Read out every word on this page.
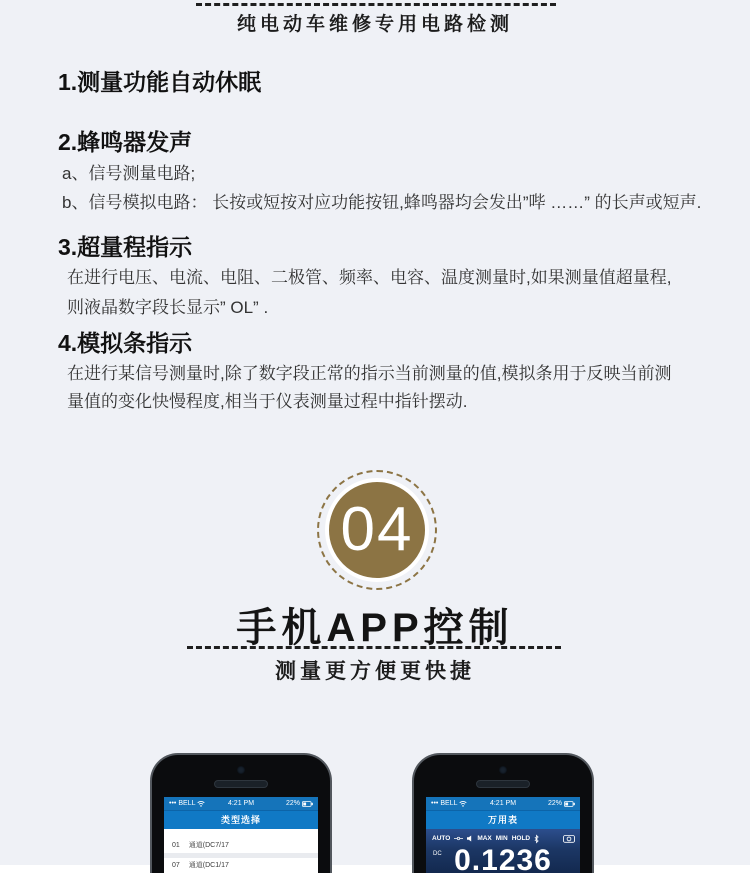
纯电动车维修专用电路检测
1.测量功能自动休眠
2.蜂鸣器发声
a、信号测量电路;
b、信号模拟电路： 长按或短按对应功能按钮,蜂鸣器均会发出”哔 ……” 的长声或短声.
3.超量程指示
在进行电压、电流、电阻、二极管、频率、电容、温度测量时,如果测量值超量程,
则液晶数字段长显示” OL” .
4.模拟条指示
在进行某信号测量时,除了数字段正常的指示当前测量的值,模拟条用于反映当前测
量值的变化快慢程度,相当于仪表测量过程中指针摆动.
04
手机APP控制
测量更方便更快捷
••• BELL	4:21 PM	22%
类型选择
01 通道(DC7/17
07 通道(DC1/17
••• BELL	4:21 PM	22%
万用表
AUTO	MAX MIN HOLD
DC 0.1236
